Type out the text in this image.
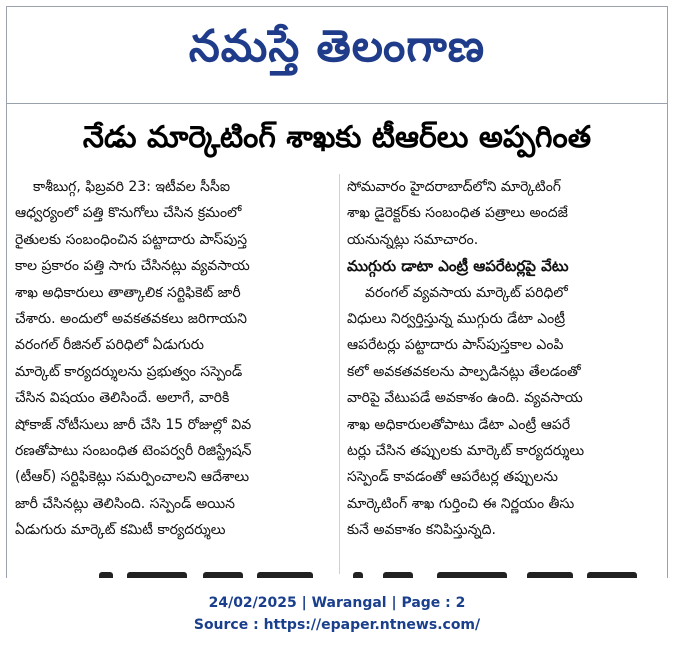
నమస్తే తెలంగాణ
నేడు మార్కెటింగ్ శాఖకు టీఆర్‌లు అప్పగింత
కాశీబుగ్గ, ఫిబ్రవరి 23: ఇటీవల సీసీఐ
ఆధ్వర్యంలో పత్తి కొనుగోలు చేసిన క్రమంలో
రైతులకు సంబంధించిన పట్టాదారు పాస్‌పుస్త
కాల ప్రకారం పత్తి సాగు చేసినట్లు వ్యవసాయ
శాఖ అధికారులు తాత్కాలిక సర్టిఫికెట్ జారీ
చేశారు. అందులో అవకతవకలు జరిగాయని
వరంగల్ రీజినల్ పరిధిలో ఏడుగురు
మార్కెట్ కార్యదర్శులను ప్రభుత్వం సస్పెండ్
చేసిన విషయం తెలిసిందే. అలాగే, వారికి
షోకాజ్ నోటీసులు జారీ చేసి 15 రోజుల్లో వివ
రణతోపాటు సంబంధిత టెంపర్వరీ రిజిస్ట్రేషన్
(టీఆర్) సర్టిఫికెట్లు సమర్పించాలని ఆదేశాలు
జారీ చేసినట్లు తెలిసింది. సస్పెండ్ అయిన
ఏడుగురు మార్కెట్ కమిటీ కార్యదర్శులు
సోమవారం హైదరాబాద్‌లోని మార్కెటింగ్
శాఖ డైరెక్టర్‌కు సంబంధిత పత్రాలు అందజే
యనున్నట్లు సమాచారం.
ముగ్గురు డాటా ఎంట్రీ ఆపరేటర్లపై వేటు
వరంగల్ వ్యవసాయ మార్కెట్ పరిధిలో
విధులు నిర్వర్తిస్తున్న ముగ్గురు డేటా ఎంట్రీ
ఆపరేటర్లు పట్టాదారు పాస్‌పుస్తకాల ఎంపి
కలో అవకతవకలను పాల్పడినట్లు తేలడంతో
వారిపై వేటుపడే అవకాశం ఉంది. వ్యవసాయ
శాఖ అధికారులతోపాటు డేటా ఎంట్రీ ఆపరే
టర్లు చేసిన తప్పులకు మార్కెట్ కార్యదర్శులు
సస్పెండ్ కావడంతో ఆపరేటర్ల తప్పులను
మార్కెటింగ్ శాఖ గుర్తించి ఈ నిర్ణయం తీసు
కునే అవకాశం కనిపిస్తున్నది.
24/02/2025 | Warangal | Page : 2
Source : https://epaper.ntnews.com/
